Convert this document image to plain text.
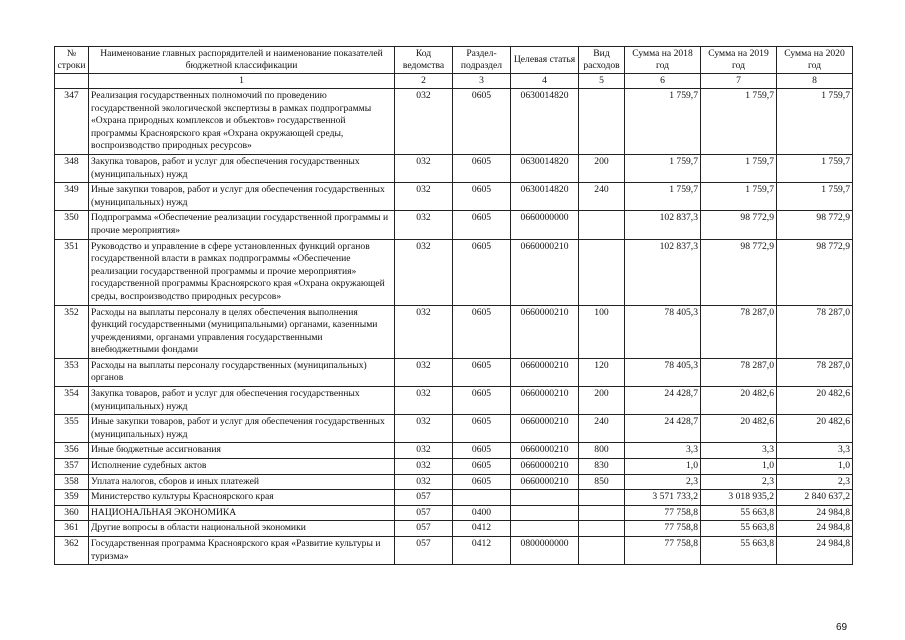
№ строки	Наименование главных распорядителей и наименование показателей бюджетной классификации	Код ведомства	Раздел-подраздел	Целевая статья	Вид расходов	Сумма на 2018 год	Сумма на 2019 год	Сумма на 2020 год
	1	2	3	4	5	6	7	8
347	Реализация государственных полномочий по проведению государственной экологической экспертизы в рамках подпрограммы «Охрана природных комплексов и объектов» государственной программы Красноярского края «Охрана окружающей среды, воспроизводство природных ресурсов»	032	0605	0630014820		1 759,7	1 759,7	1 759,7
348	Закупка товаров, работ и услуг для обеспечения государственных (муниципальных) нужд	032	0605	0630014820	200	1 759,7	1 759,7	1 759,7
349	Иные закупки товаров, работ и услуг для обеспечения государственных (муниципальных) нужд	032	0605	0630014820	240	1 759,7	1 759,7	1 759,7
350	Подпрограмма «Обеспечение реализации государственной программы и прочие мероприятия»	032	0605	0660000000		102 837,3	98 772,9	98 772,9
351	Руководство и управление в сфере установленных функций органов государственной власти в рамках подпрограммы «Обеспечение реализации государственной программы и прочие мероприятия» государственной программы Красноярского края «Охрана окружающей среды, воспроизводство природных ресурсов»	032	0605	0660000210		102 837,3	98 772,9	98 772,9
352	Расходы на выплаты персоналу в целях обеспечения выполнения функций государственными (муниципальными) органами, казенными учреждениями, органами управления государственными внебюджетными фондами	032	0605	0660000210	100	78 405,3	78 287,0	78 287,0
353	Расходы на выплаты персоналу государственных (муниципальных) органов	032	0605	0660000210	120	78 405,3	78 287,0	78 287,0
354	Закупка товаров, работ и услуг для обеспечения государственных (муниципальных) нужд	032	0605	0660000210	200	24 428,7	20 482,6	20 482,6
355	Иные закупки товаров, работ и услуг для обеспечения государственных (муниципальных) нужд	032	0605	0660000210	240	24 428,7	20 482,6	20 482,6
356	Иные бюджетные ассигнования	032	0605	0660000210	800	3,3	3,3	3,3
357	Исполнение судебных актов	032	0605	0660000210	830	1,0	1,0	1,0
358	Уплата налогов, сборов и иных платежей	032	0605	0660000210	850	2,3	2,3	2,3
359	Министерство культуры Красноярского края	057				3 571 733,2	3 018 935,2	2 840 637,2
360	НАЦИОНАЛЬНАЯ ЭКОНОМИКА	057	0400			77 758,8	55 663,8	24 984,8
361	Другие вопросы в области национальной экономики	057	0412			77 758,8	55 663,8	24 984,8
362	Государственная программа Красноярского края «Развитие культуры и туризма»	057	0412	0800000000		77 758,8	55 663,8	24 984,8
69
